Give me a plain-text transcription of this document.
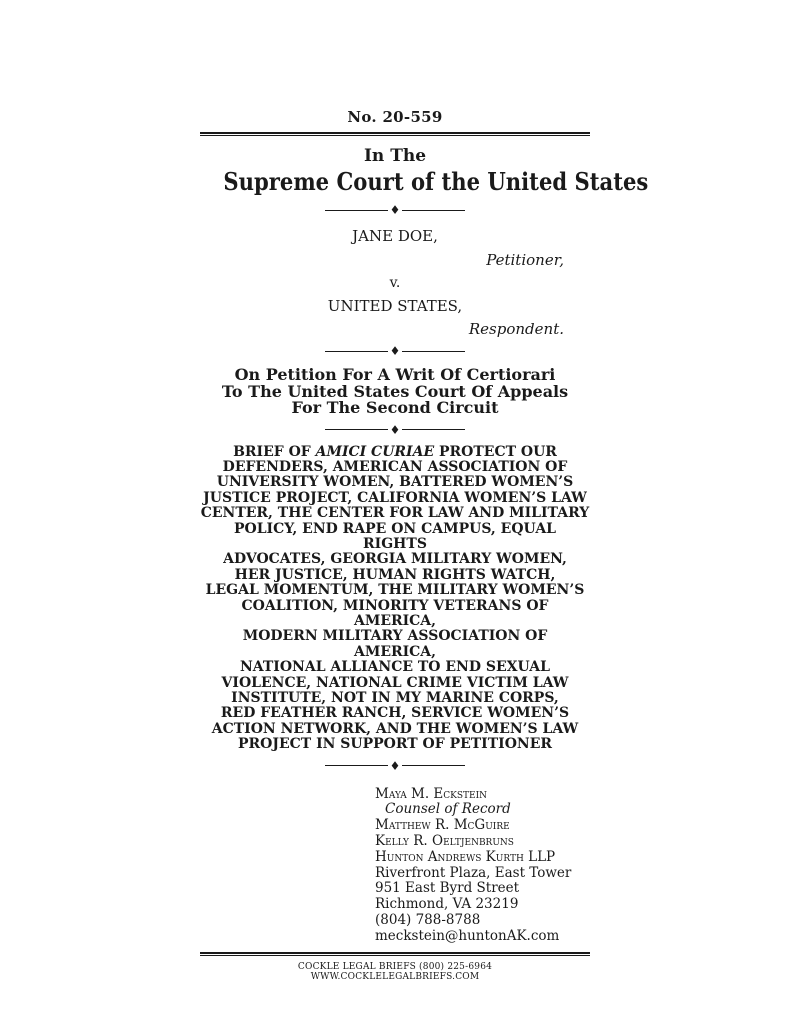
No. 20-559
In The
Supreme Court of the United States
♦
JANE DOE,
Petitioner,
v.
UNITED STATES,
Respondent.
♦
On Petition For A Writ Of Certiorari
To The United States Court Of Appeals
For The Second Circuit
♦
BRIEF OF AMICI CURIAE PROTECT OUR
DEFENDERS, AMERICAN ASSOCIATION OF
UNIVERSITY WOMEN, BATTERED WOMEN’S
JUSTICE PROJECT, CALIFORNIA WOMEN’S LAW
CENTER, THE CENTER FOR LAW AND MILITARY
POLICY, END RAPE ON CAMPUS, EQUAL RIGHTS
ADVOCATES, GEORGIA MILITARY WOMEN,
HER JUSTICE, HUMAN RIGHTS WATCH,
LEGAL MOMENTUM, THE MILITARY WOMEN’S
COALITION, MINORITY VETERANS OF AMERICA,
MODERN MILITARY ASSOCIATION OF AMERICA,
NATIONAL ALLIANCE TO END SEXUAL
VIOLENCE, NATIONAL CRIME VICTIM LAW
INSTITUTE, NOT IN MY MARINE CORPS,
RED FEATHER RANCH, SERVICE WOMEN’S
ACTION NETWORK, AND THE WOMEN’S LAW
PROJECT IN SUPPORT OF PETITIONER
♦
Maya M. Eckstein
Counsel of Record
Matthew R. McGuire
Kelly R. Oeltjenbruns
Hunton Andrews Kurth LLP
Riverfront Plaza, East Tower
951 East Byrd Street
Richmond, VA 23219
(804) 788-8788
meckstein@huntonAK.com
COCKLE LEGAL BRIEFS (800) 225-6964
WWW.COCKLELEGALBRIEFS.COM
